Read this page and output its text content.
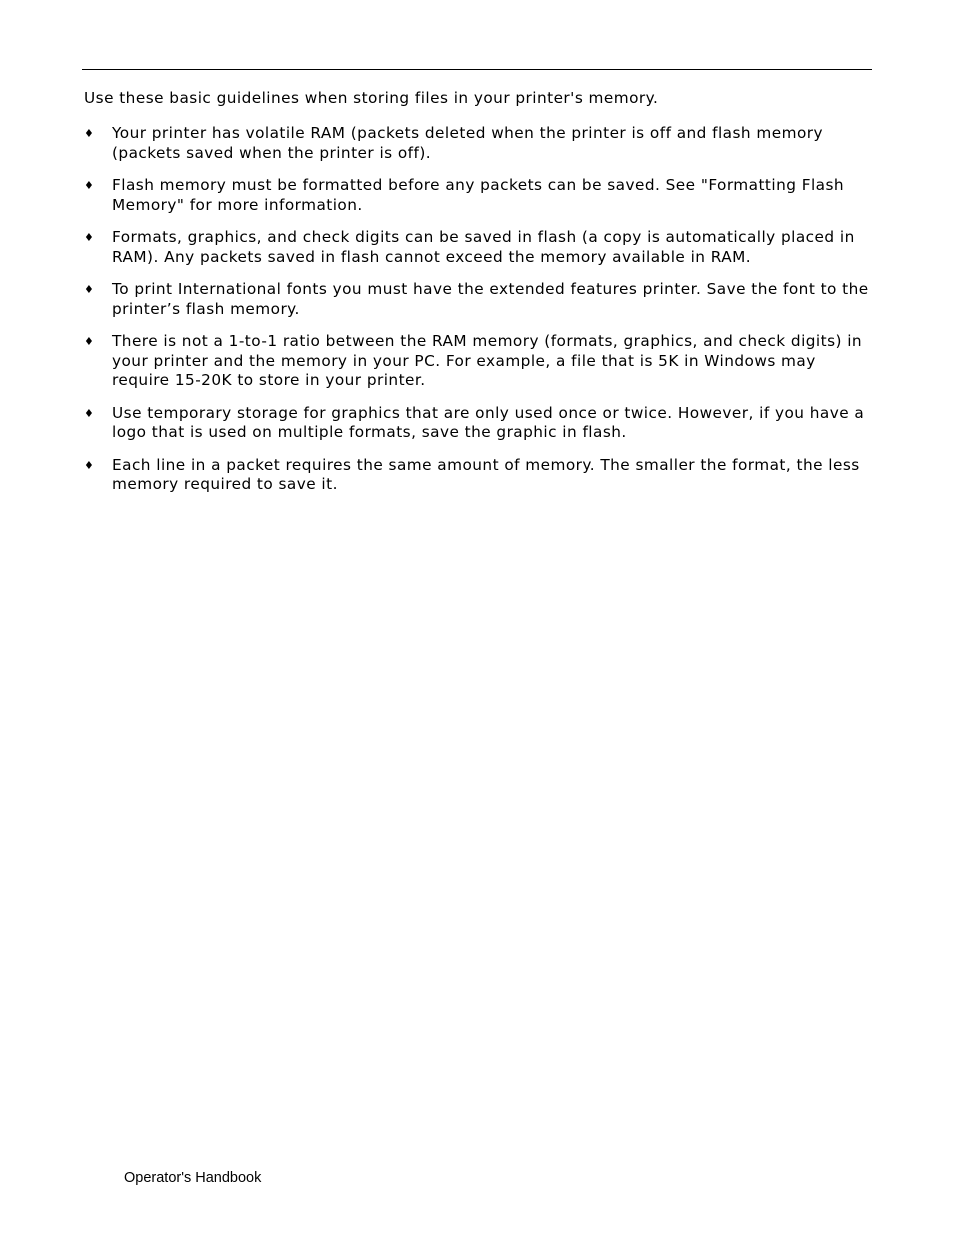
Use these basic guidelines when storing files in your printer's memory.

♦ Your printer has volatile RAM (packets deleted when the printer is off and flash memory (packets saved when the printer is off).
♦ Flash memory must be formatted before any packets can be saved. See "Formatting Flash Memory" for more information.
♦ Formats, graphics, and check digits can be saved in flash (a copy is automatically placed in RAM). Any packets saved in flash cannot exceed the memory available in RAM.
♦ To print International fonts you must have the extended features printer. Save the font to the printer’s flash memory.
♦ There is not a 1-to-1 ratio between the RAM memory (formats, graphics, and check digits) in your printer and the memory in your PC. For example, a file that is 5K in Windows may require 15-20K to store in your printer.
♦ Use temporary storage for graphics that are only used once or twice. However, if you have a logo that is used on multiple formats, save the graphic in flash.
♦ Each line in a packet requires the same amount of memory. The smaller the format, the less memory required to save it.

Operator's Handbook
